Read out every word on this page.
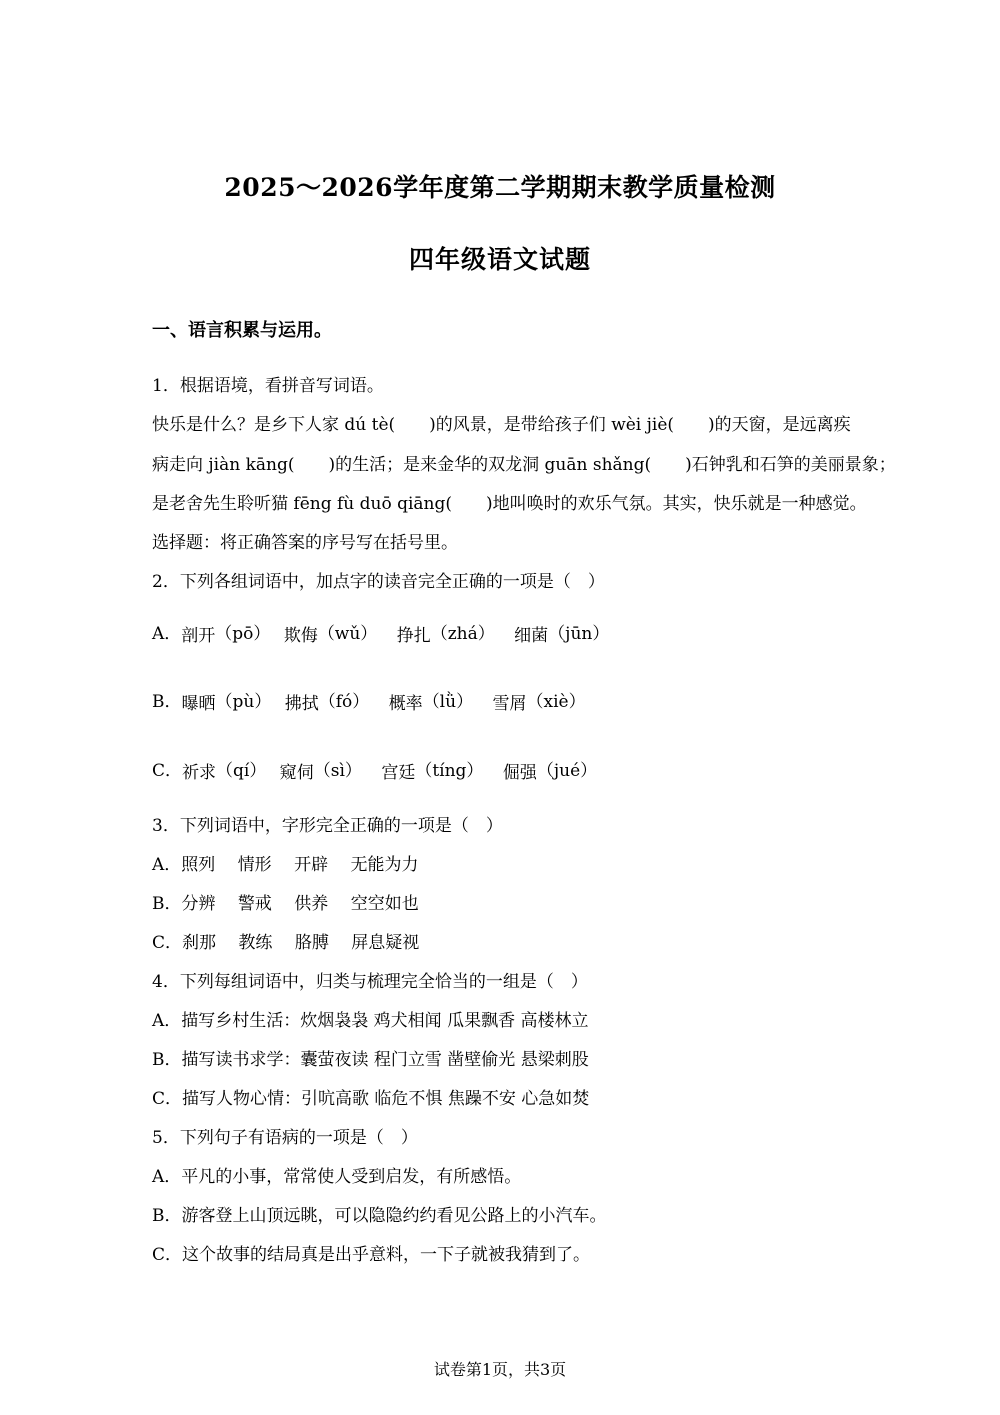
2025～2026学年度第二学期期末教学质量检测
四年级语文试题
一、语言积累与运用。
1．根据语境，看拼音写词语。
快乐是什么？是乡下人家 dú tè(　　)的风景，是带给孩子们 wèi jiè(　　)的天窗，是远离疾
病走向 jiàn kāng(　　)的生活；是来金华的双龙洞 guān shǎng(　　)石钟乳和石笋的美丽景象；
是老舍先生聆听猫 fēng fù duō qiāng(　　)地叫唤时的欢乐气氛。其实，快乐就是一种感觉。
选择题：将正确答案的序号写在括号里。
2．下列各组词语中，加点字的读音完全正确的一项是（　）
A．剖开（pō） 欺侮（wǔ） 挣扎（zhá） 细菌（jūn）
B．曝晒（pù） 拂拭（fó） 概率（lǜ） 雪屑（xiè）
C．祈求（qí） 窥伺（sì） 宫廷（tíng） 倔强（jué）
3．下列词语中，字形完全正确的一项是（　）
A．照列　 情形　 开辟　 无能为力
B．分辨　 警戒　 供养　 空空如也
C．刹那　 教练　 胳膊　 屏息疑视
4．下列每组词语中，归类与梳理完全恰当的一组是（　）
A．描写乡村生活：炊烟袅袅 鸡犬相闻 瓜果飘香 高楼林立
B．描写读书求学：囊萤夜读 程门立雪 凿壁偷光 悬梁刺股
C．描写人物心情：引吭高歌 临危不惧 焦躁不安 心急如焚
5．下列句子有语病的一项是（　）
A．平凡的小事，常常使人受到启发，有所感悟。
B．游客登上山顶远眺，可以隐隐约约看见公路上的小汽车。
C．这个故事的结局真是出乎意料，一下子就被我猜到了。
试卷第1页，共3页
